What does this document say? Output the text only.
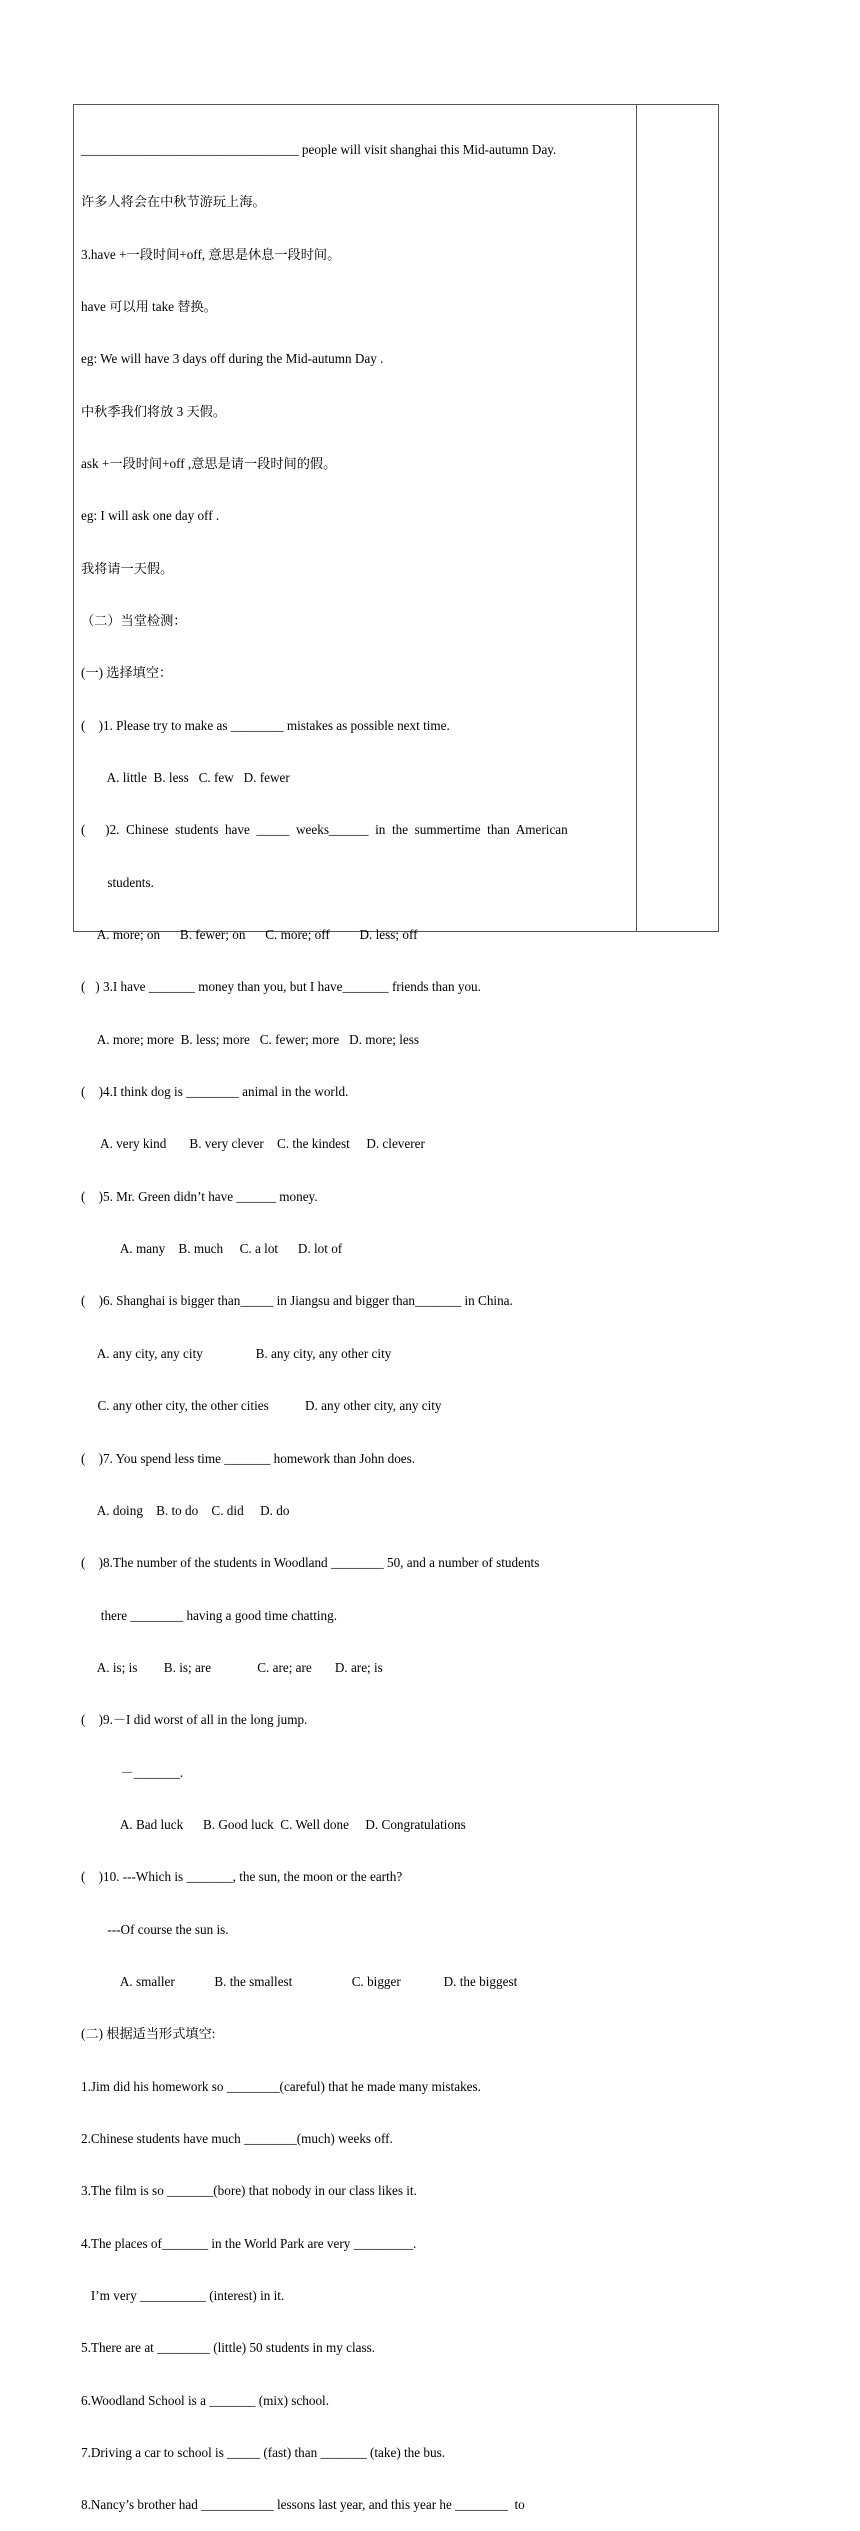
_________________________________ people will visit shanghai this Mid-autumn Day.

许多人将会在中秋节游玩上海。

3.have +一段时间+off, 意思是休息一段时间。

have 可以用 take 替换。

eg: We will have 3 days off during the Mid-autumn Day .

中秋季我们将放 3 天假。

ask +一段时间+off ,意思是请一段时间的假。

eg: I will ask one day off .

我将请一天假。

（二）当堂检测：

(一) 选择填空：

(    )1. Please try to make as ________ mistakes as possible next time.

A. little  B. less   C. few   D. fewer

(      )2.  Chinese  students  have  _____  weeks______  in  the  summertime  than  American

students.

A. more; on      B. fewer; on      C. more; off         D. less; off

(   ) 3.I have _______ money than you, but I have_______ friends than you.

A. more; more  B. less; more   C. fewer; more   D. more; less

(    )4.I think dog is ________ animal in the world.

A. very kind       B. very clever    C. the kindest     D. cleverer

(    )5. Mr. Green didn’t have ______ money.

A. many    B. much     C. a lot      D. lot of

(    )6. Shanghai is bigger than_____ in Jiangsu and bigger than_______ in China.

A. any city, any city                B. any city, any other city

C. any other city, the other cities           D. any other city, any city

(    )7. You spend less time _______ homework than John does.

A. doing    B. to do    C. did     D. do

(    )8.The number of the students in Woodland ________ 50, and a number of students

there ________ having a good time chatting.

A. is; is        B. is; are              C. are; are       D. are; is

(    )9.－I did worst of all in the long jump.

－_______.

A. Bad luck      B. Good luck  C. Well done     D. Congratulations

(    )10. ---Which is _______, the sun, the moon or the earth?

---Of course the sun is.

A. smaller            B. the smallest                  C. bigger             D. the biggest

(二) 根据适当形式填空:

1.Jim did his homework so ________(careful) that he made many mistakes.

2.Chinese students have much ________(much) weeks off.

3.The film is so _______(bore) that nobody in our class likes it.

4.The places of_______ in the World Park are very _________.

I’m very __________ (interest) in it.

5.There are at ________ (little) 50 students in my class.

6.Woodland School is a _______ (mix) school.

7.Driving a car to school is _____ (fast) than _______ (take) the bus.

8.Nancy’s brother had ___________ lessons last year, and this year he ________  to
